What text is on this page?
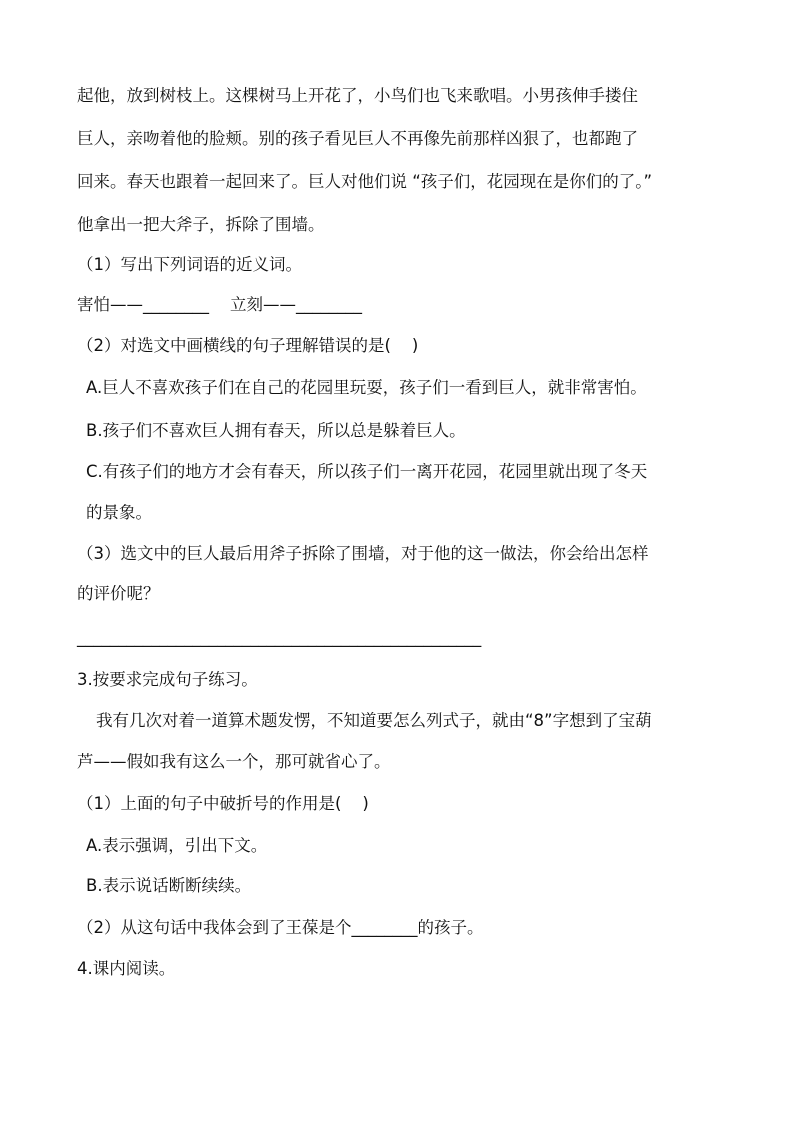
起他，放到树枝上。这棵树马上开花了，小鸟们也飞来歌唱。小男孩伸手搂住
巨人，亲吻着他的脸颊。别的孩子看见巨人不再像先前那样凶狠了，也都跑了
回来。春天也跟着一起回来了。巨人对他们说 “孩子们，花园现在是你们的了。”
他拿出一把大斧子，拆除了围墙。
（1）写出下列词语的近义词。
害怕——________    立刻——________
（2）对选文中画横线的句子理解错误的是(    )
A.巨人不喜欢孩子们在自己的花园里玩耍，孩子们一看到巨人，就非常害怕。
B.孩子们不喜欢巨人拥有春天，所以总是躲着巨人。
C.有孩子们的地方才会有春天，所以孩子们一离开花园，花园里就出现了冬天
的景象。
（3）选文中的巨人最后用斧子拆除了围墙，对于他的这一做法，你会给出怎样
的评价呢？
_________________________________________________
3.按要求完成句子练习。
我有几次对着一道算术题发愣，不知道要怎么列式子，就由“8”字想到了宝葫
芦——假如我有这么一个，那可就省心了。
（1）上面的句子中破折号的作用是(    )
A.表示强调，引出下文。
B.表示说话断断续续。
（2）从这句话中我体会到了王葆是个________的孩子。
4.课内阅读。
